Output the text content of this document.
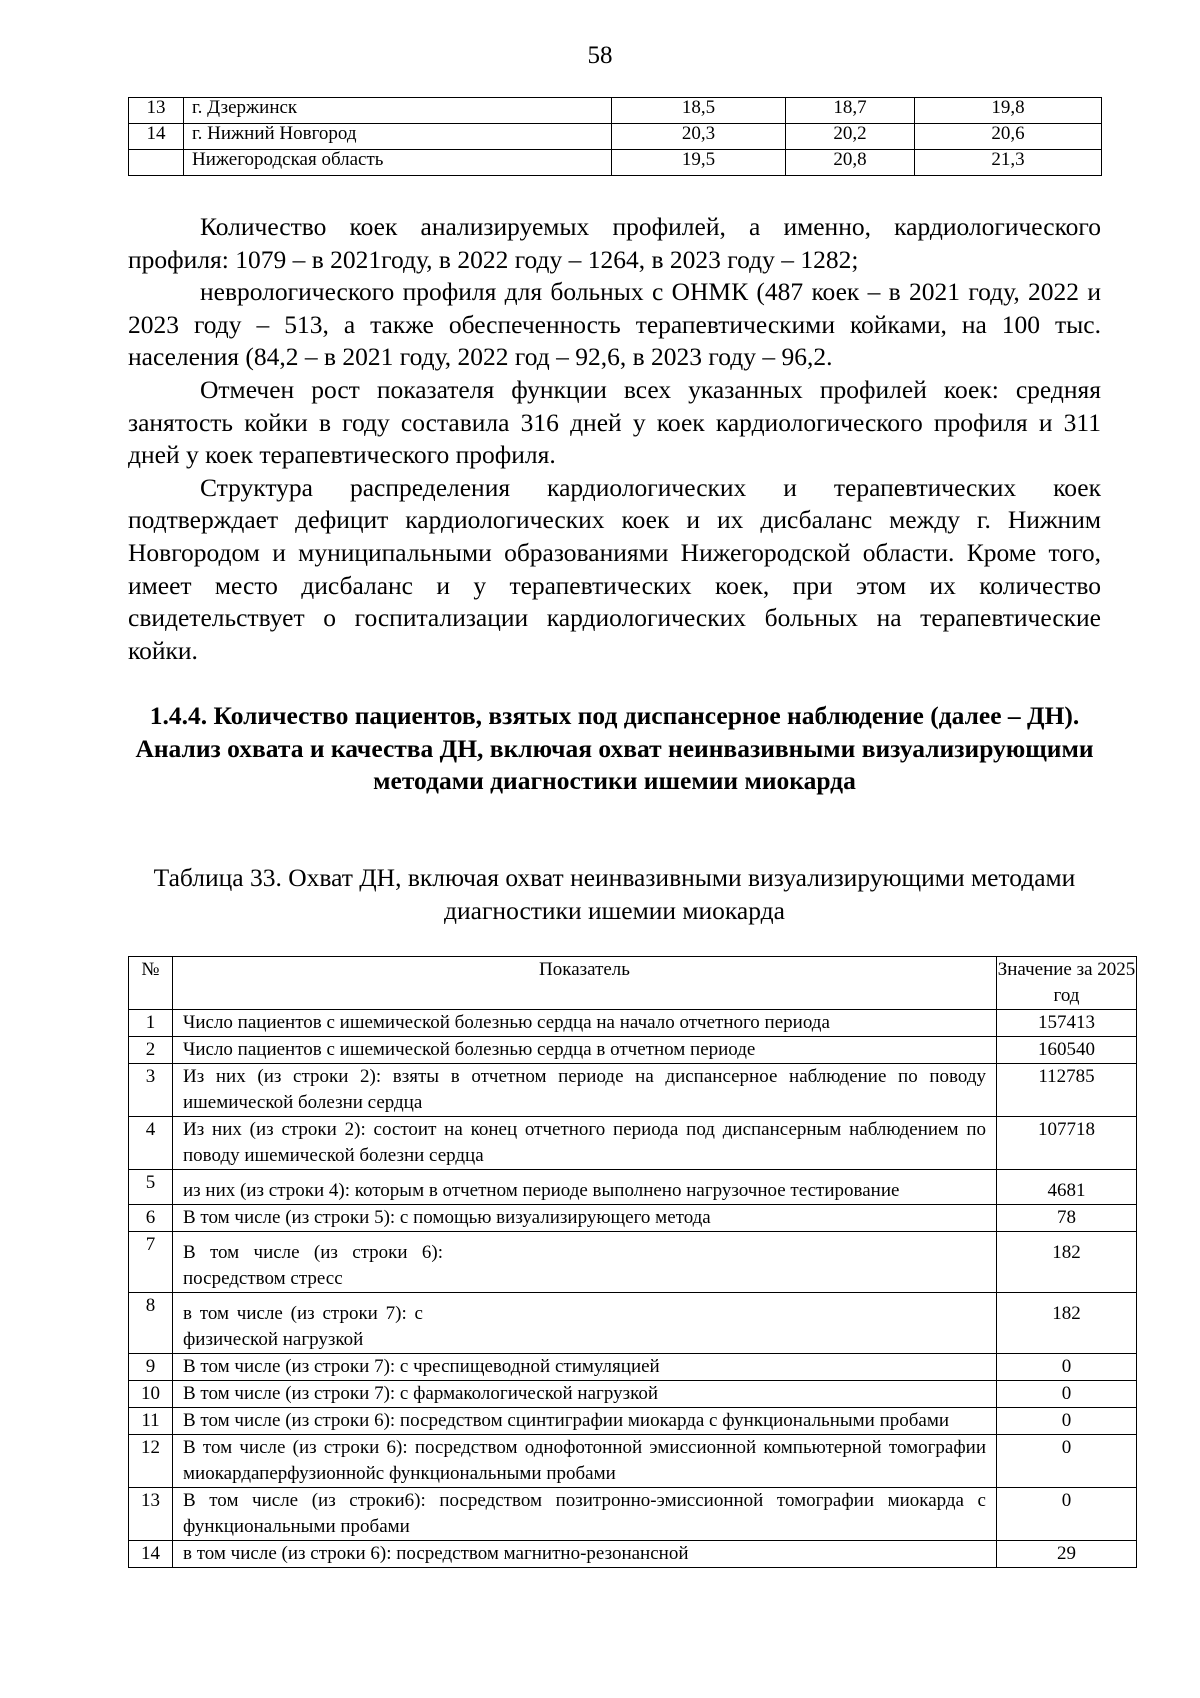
58
13	г. Дзержинск	18,5	18,7	19,8
14	г. Нижний Новгород	20,3	20,2	20,6
	Нижегородская область	19,5	20,8	21,3

Количество коек анализируемых профилей, а именно, кардиологического профиля: 1079 – в 2021году, в 2022 году – 1264, в 2023 году – 1282;

неврологического профиля для больных с ОНМК (487 коек – в 2021 году, 2022 и 2023 году – 513, а также обеспеченность терапевтическими койками, на 100 тыс. населения (84,2 – в 2021 году, 2022 год – 92,6, в 2023 году – 96,2.

Отмечен рост показателя функции всех указанных профилей коек: средняя занятость койки в году составила 316 дней у коек кардиологического профиля и 311 дней у коек терапевтического профиля.

Структура распределения кардиологических и терапевтических коек подтверждает дефицит кардиологических коек и их дисбаланс между г. Нижним Новгородом и муниципальными образованиями Нижегородской области. Кроме того, имеет место дисбаланс и у терапевтических коек, при этом их количество свидетельствует о госпитализации кардиологических больных на терапевтические койки.

1.4.4. Количество пациентов, взятых под диспансерное наблюдение (далее – ДН). Анализ охвата и качества ДН, включая охват неинвазивными визуализирующими методами диагностики ишемии миокарда
Таблица 33. Охват ДН, включая охват неинвазивными визуализирующими методами диагностики ишемии миокарда
№	Показатель	Значение за 2025 год
1	Число пациентов с ишемической болезнью сердца на начало отчетного периода	157413
2	Число пациентов с ишемической болезнью сердца в отчетном периоде	160540
3	Из них (из строки 2): взяты в отчетном периоде на диспансерное наблюдение по поводу ишемической болезни сердца	112785
4	Из них (из строки 2): состоит на конец отчетного периода под диспансерным наблюдением по поводу ишемической болезни сердца	107718
5	из них (из строки 4): которым в отчетном периоде выполнено нагрузочное тестирование	4681
6	В том числе (из строки 5): с помощью визуализирующего метода	78
7	В том числе (из строки 6): посредством стресс	182
8	в том числе (из строки 7): с физической нагрузкой	182
9	В том числе (из строки 7): с чреспищеводной стимуляцией	0
10	В том числе (из строки 7): с фармакологической нагрузкой	0
11	В том числе (из строки 6): посредством сцинтиграфии миокарда с функциональными пробами	0
12	В том числе (из строки 6): посредством однофотонной эмиссионной компьютерной томографии миокардаперфузионнойс функциональными пробами	0
13	В том числе (из строки6): посредством позитронно-эмиссионной томографии миокарда с функциональными пробами	0
14	в том числе (из строки 6): посредством магнитно-резонансной	29
